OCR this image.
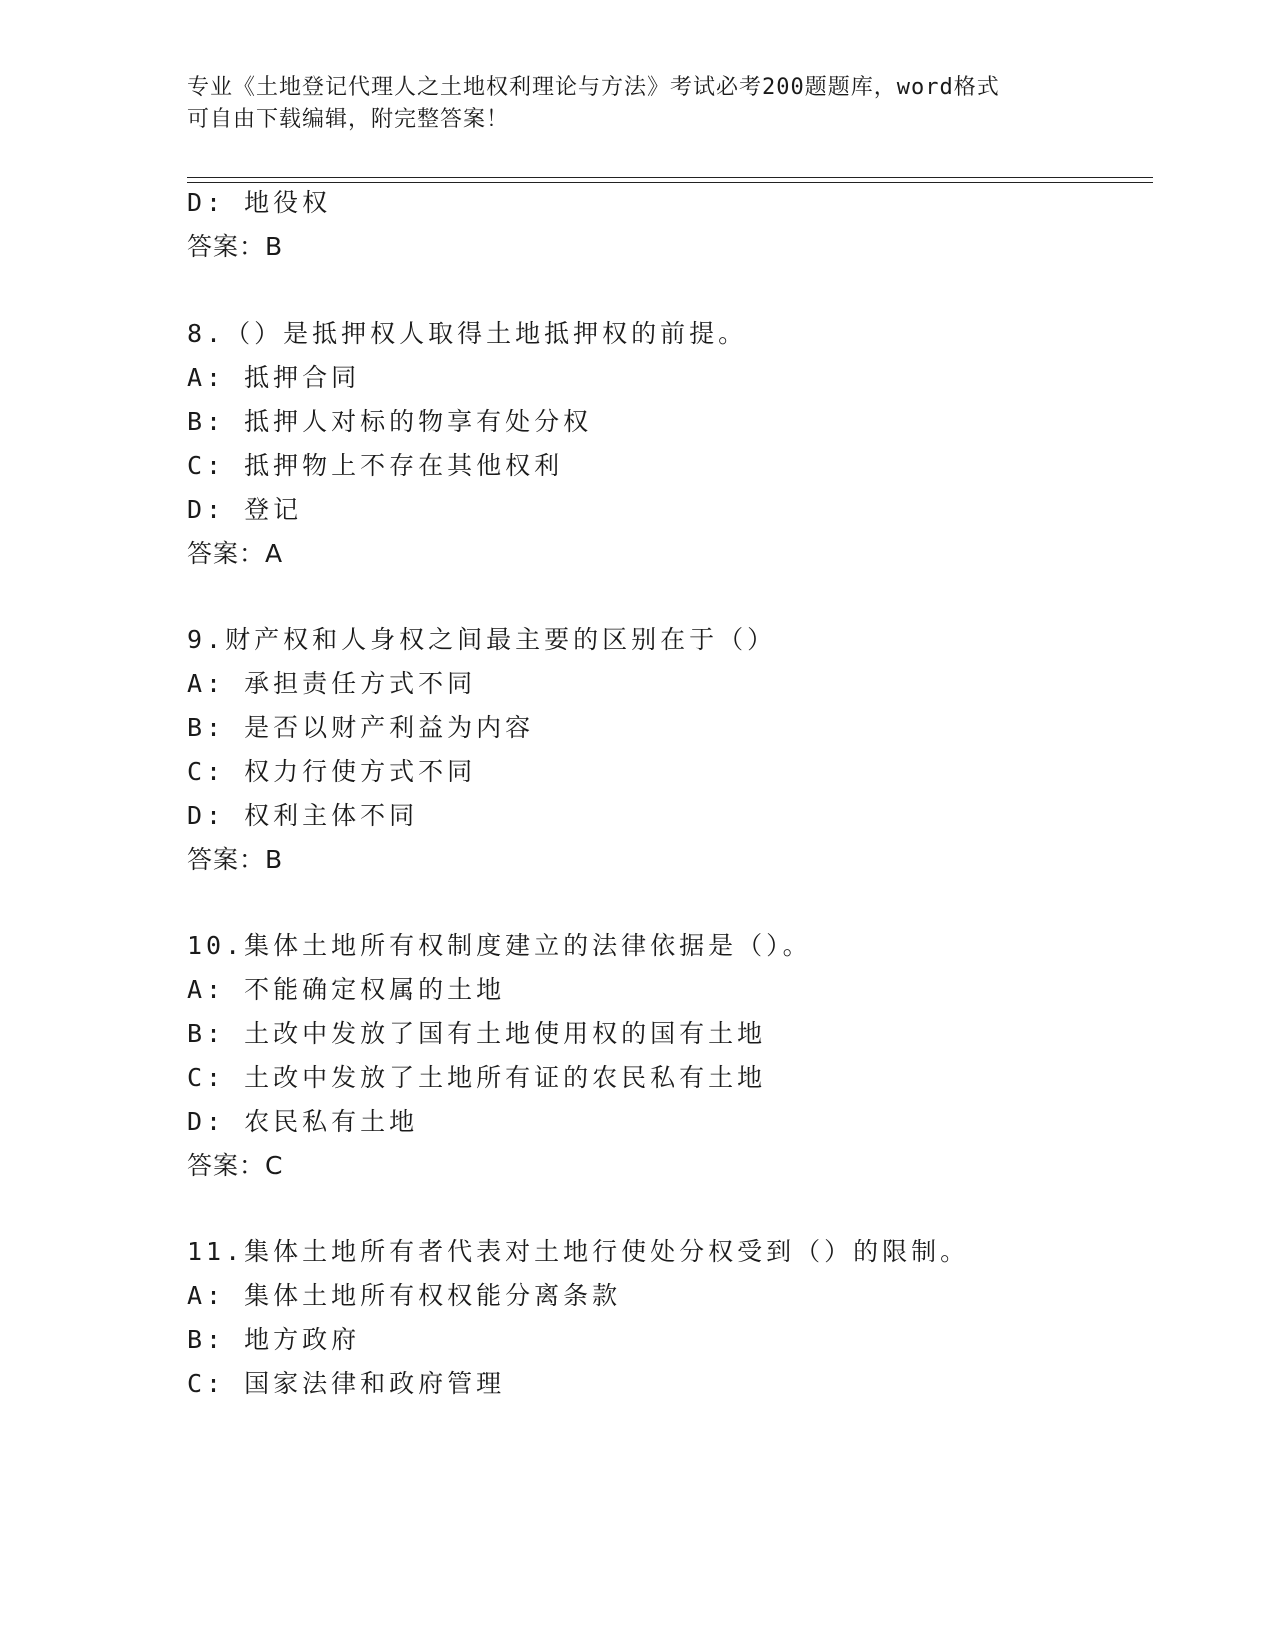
专业《土地登记代理人之土地权利理论与方法》考试必考200题题库，word格式
可自由下载编辑，附完整答案！
D: 地役权
答案：B
8.（）是抵押权人取得土地抵押权的前提。
A: 抵押合同
B: 抵押人对标的物享有处分权
C: 抵押物上不存在其他权利
D: 登记
答案：A
9.财产权和人身权之间最主要的区别在于（）
A: 承担责任方式不同
B: 是否以财产利益为内容
C: 权力行使方式不同
D: 权利主体不同
答案：B
10.集体土地所有权制度建立的法律依据是（）。
A: 不能确定权属的土地
B: 土改中发放了国有土地使用权的国有土地
C: 土改中发放了土地所有证的农民私有土地
D: 农民私有土地
答案：C
11.集体土地所有者代表对土地行使处分权受到（）的限制。
A: 集体土地所有权权能分离条款
B: 地方政府
C: 国家法律和政府管理
